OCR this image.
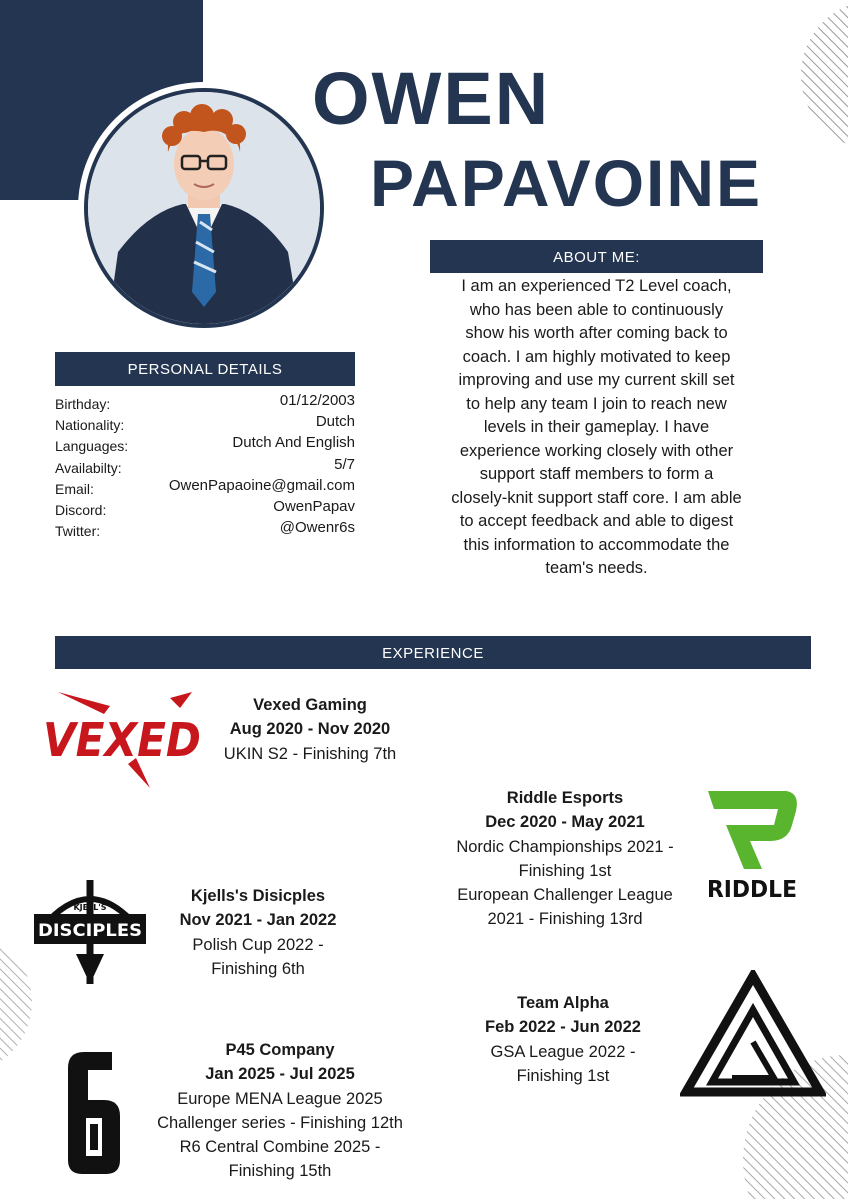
OWEN
PAPAVOINE
ABOUT ME:
I am an experienced T2 Level coach,
who has been able to continuously
show his worth after coming back to
coach. I am highly motivated to keep
improving and use my current skill set
to help any team I join to reach new
levels in their gameplay. I have
experience working closely with other
support staff members to form a
closely-knit support staff core. I am able
to accept feedback and able to digest
this information to accommodate the
team's needs.
PERSONAL DETAILS
Birthday:	01/12/2003
Nationality:	Dutch
Languages:	Dutch And English
Availabilty:	5/7
Email:	OwenPapaoine@gmail.com
Discord:	OwenPapav
Twitter:	@Owenr6s
EXPERIENCE
VEXED
Vexed Gaming
Aug 2020 - Nov 2020
UKIN S2 - Finishing 7th
Riddle Esports
Dec 2020 - May 2021
Nordic Championships 2021 -
Finishing 1st
European Challenger League
2021 - Finishing 13rd
RIDDLE
DISCIPLES
KJELL'S
Kjells's Disicples
Nov 2021 - Jan 2022
Polish Cup 2022 -
Finishing 6th
Team Alpha
Feb 2022 - Jun 2022
GSA League 2022 -
Finishing 1st
P45 Company
Jan 2025 - Jul 2025
Europe MENA League 2025
Challenger series - Finishing 12th
R6 Central Combine 2025 -
Finishing 15th
